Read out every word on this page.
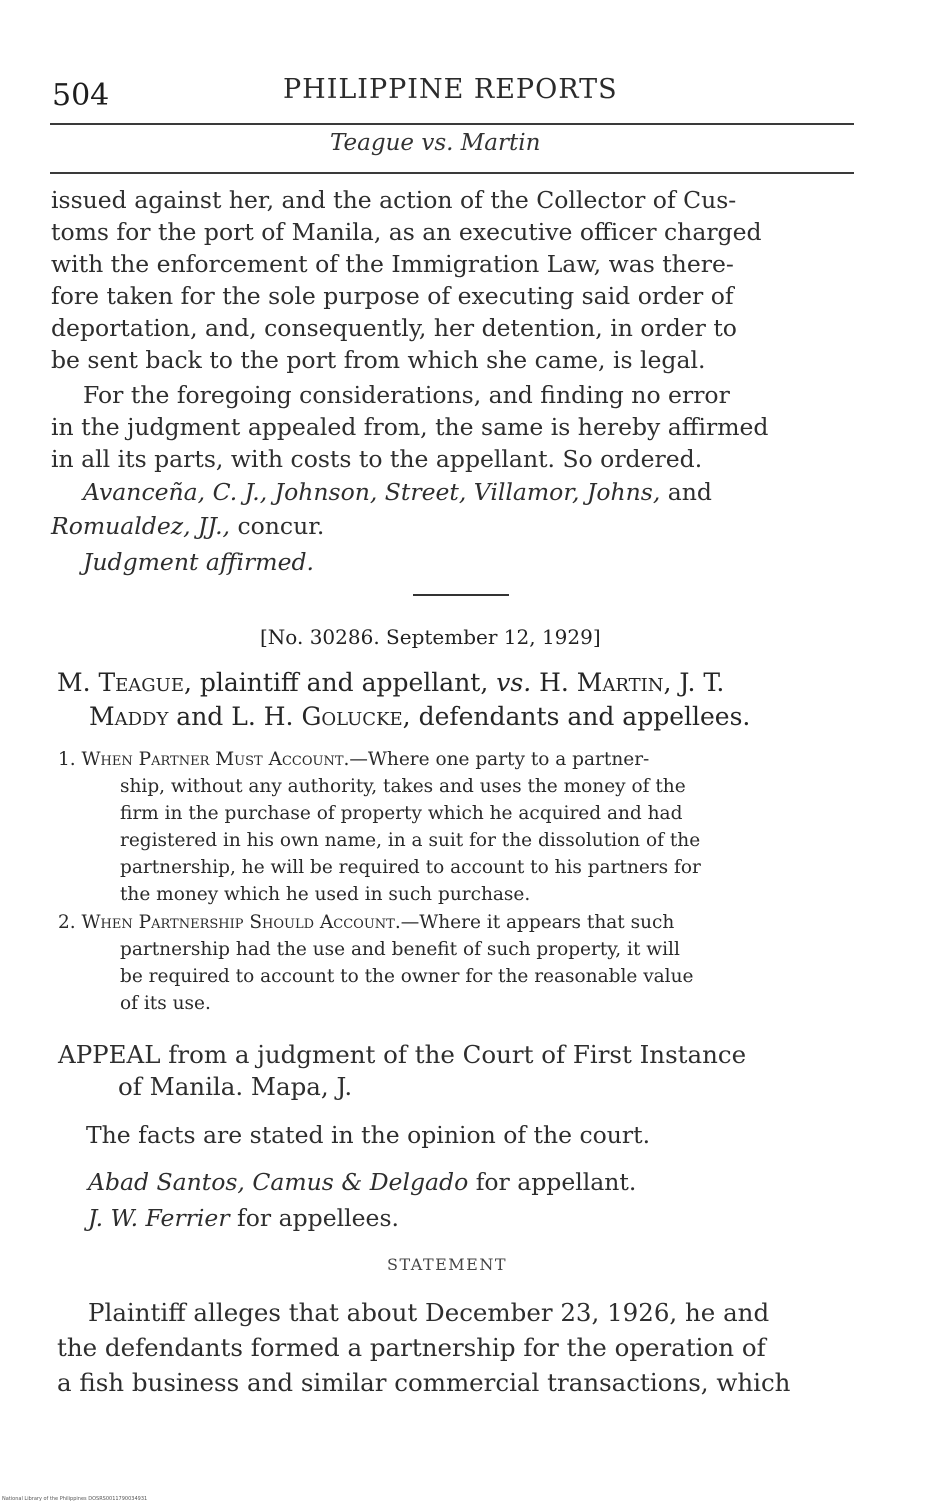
504	PHILIPPINE REPORTS
Teague vs. Martin
issued against her, and the action of the Collector of Cus-
toms for the port of Manila, as an executive officer charged
with the enforcement of the Immigration Law, was there-
fore taken for the sole purpose of executing said order of
deportation, and, consequently, her detention, in order to
be sent back to the port from which she came, is legal.
For the foregoing considerations, and finding no error
in the judgment appealed from, the same is hereby affirmed
in all its parts, with costs to the appellant. So ordered.
Avanceña, C. J., Johnson, Street, Villamor, Johns, and
Romualdez, JJ., concur.
Judgment affirmed.
[No. 30286. September 12, 1929]
M. Teague, plaintiff and appellant, vs. H. Martin, J. T.
Maddy and L. H. Golucke, defendants and appellees.
1. When Partner Must Account.—Where one party to a partner-
ship, without any authority, takes and uses the money of the
firm in the purchase of property which he acquired and had
registered in his own name, in a suit for the dissolution of the
partnership, he will be required to account to his partners for
the money which he used in such purchase.
2. When Partnership Should Account.—Where it appears that such
partnership had the use and benefit of such property, it will
be required to account to the owner for the reasonable value
of its use.
APPEAL from a judgment of the Court of First Instance
of Manila. Mapa, J.
The facts are stated in the opinion of the court.
Abad Santos, Camus & Delgado for appellant.
J. W. Ferrier for appellees.
STATEMENT
Plaintiff alleges that about December 23, 1926, he and
the defendants formed a partnership for the operation of
a fish business and similar commercial transactions, which
National Library of the Philippines DOSRS0011790034931
